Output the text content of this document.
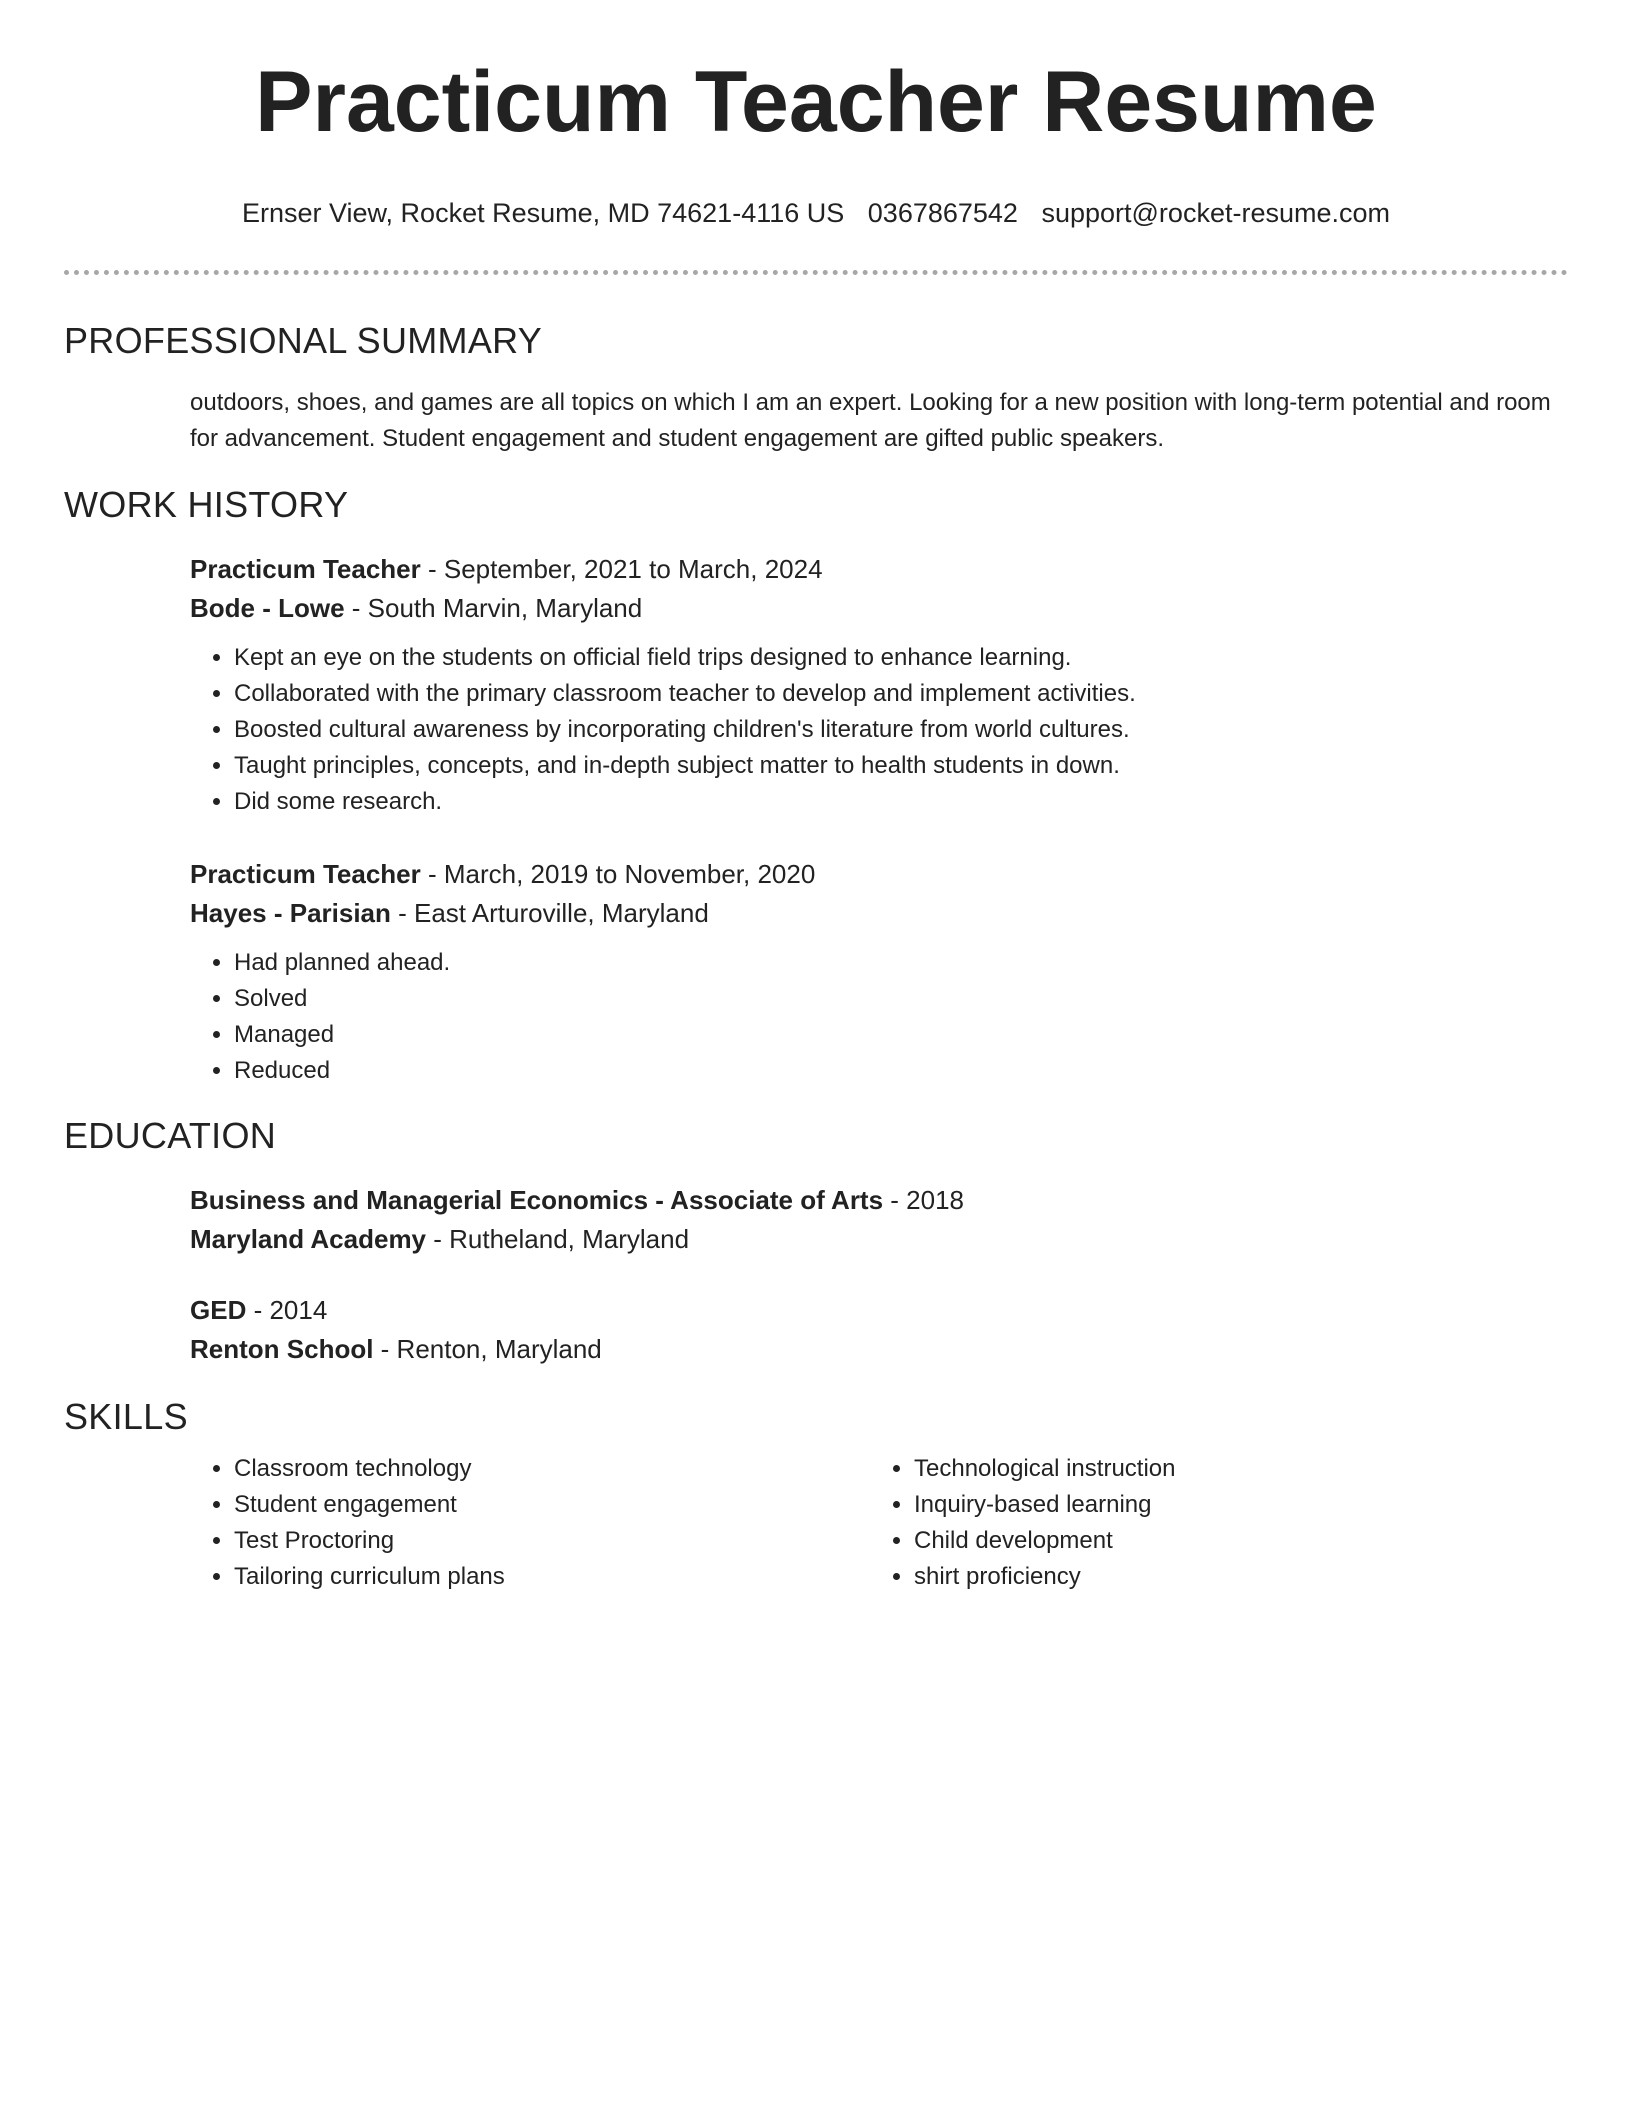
Practicum Teacher Resume
Ernser View, Rocket Resume, MD 74621-4116 US 0367867542 support@rocket-resume.com
PROFESSIONAL SUMMARY

outdoors, shoes, and games are all topics on which I am an expert. Looking for a new position with long-term potential and room for advancement. Student engagement and student engagement are gifted public speakers.

WORK HISTORY
Practicum Teacher - September, 2021 to March, 2024
Bode - Lowe - South Marvin, Maryland
• Kept an eye on the students on official field trips designed to enhance learning.
• Collaborated with the primary classroom teacher to develop and implement activities.
• Boosted cultural awareness by incorporating children's literature from world cultures.
• Taught principles, concepts, and in-depth subject matter to health students in down.
• Did some research.
Practicum Teacher - March, 2019 to November, 2020
Hayes - Parisian - East Arturoville, Maryland
• Had planned ahead.
• Solved
• Managed
• Reduced
EDUCATION
Business and Managerial Economics - Associate of Arts - 2018
Maryland Academy - Rutheland, Maryland
GED - 2014
Renton School - Renton, Maryland
SKILLS
• Classroom technology
• Student engagement
• Test Proctoring
• Tailoring curriculum plans
• Technological instruction
• Inquiry-based learning
• Child development
• shirt proficiency
